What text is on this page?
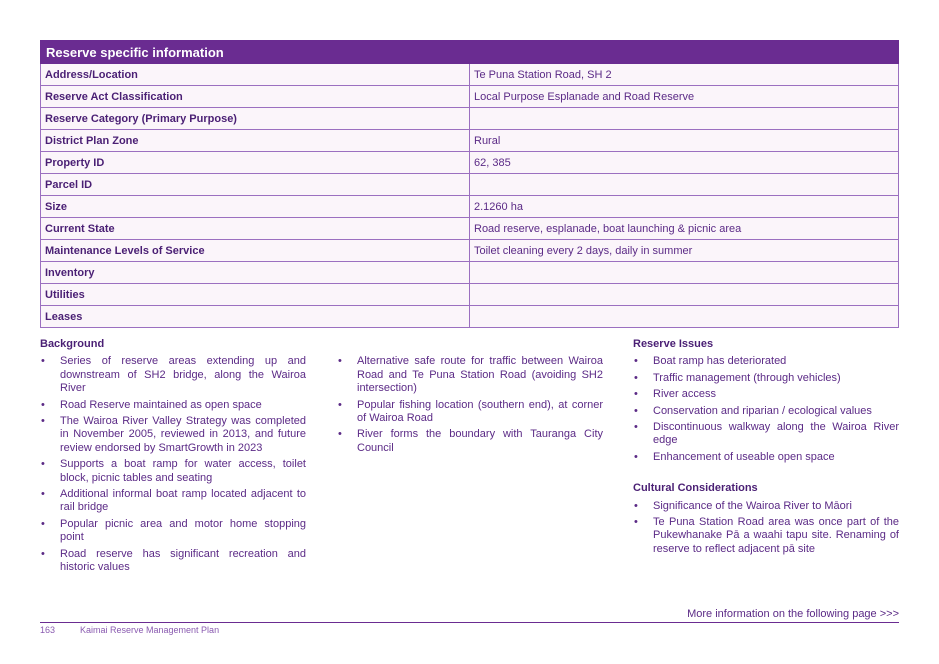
Reserve specific information	
Address/Location	Te Puna Station Road, SH 2
Reserve Act Classification	Local Purpose Esplanade and Road Reserve
Reserve Category (Primary Purpose)	
District Plan Zone	Rural
Property ID	62, 385
Parcel ID	
Size	2.1260 ha
Current State	Road reserve, esplanade, boat launching & picnic area
Maintenance Levels of Service	Toilet cleaning every 2 days, daily in summer
Inventory	
Utilities	
Leases	
Background
• Series of reserve areas extending up and downstream of SH2 bridge, along the Wairoa River
• Road Reserve maintained as open space
• The Wairoa River Valley Strategy was completed in November 2005, reviewed in 2013, and future review endorsed by SmartGrowth in 2023
• Supports a boat ramp for water access, toilet block, picnic tables and seating
• Additional informal boat ramp located adjacent to rail bridge
• Popular picnic area and motor home stopping point
• Road reserve has significant recreation and historic values
• Alternative safe route for traffic between Wairoa Road and Te Puna Station Road (avoiding SH2 intersection)
• Popular fishing location (southern end), at corner of Wairoa Road
• River forms the boundary with Tauranga City Council
Reserve Issues
• Boat ramp has deteriorated
• Traffic management (through vehicles)
• River access
• Conservation and riparian / ecological values
• Discontinuous walkway along the Wairoa River edge
• Enhancement of useable open space
Cultural Considerations
• Significance of the Wairoa River to Māori
• Te Puna Station Road area was once part of the Pukewhanake Pā a waahi tapu site. Renaming of reserve to reflect adjacent pā site
More information on the following page >>>
163	Kaimai Reserve Management Plan
